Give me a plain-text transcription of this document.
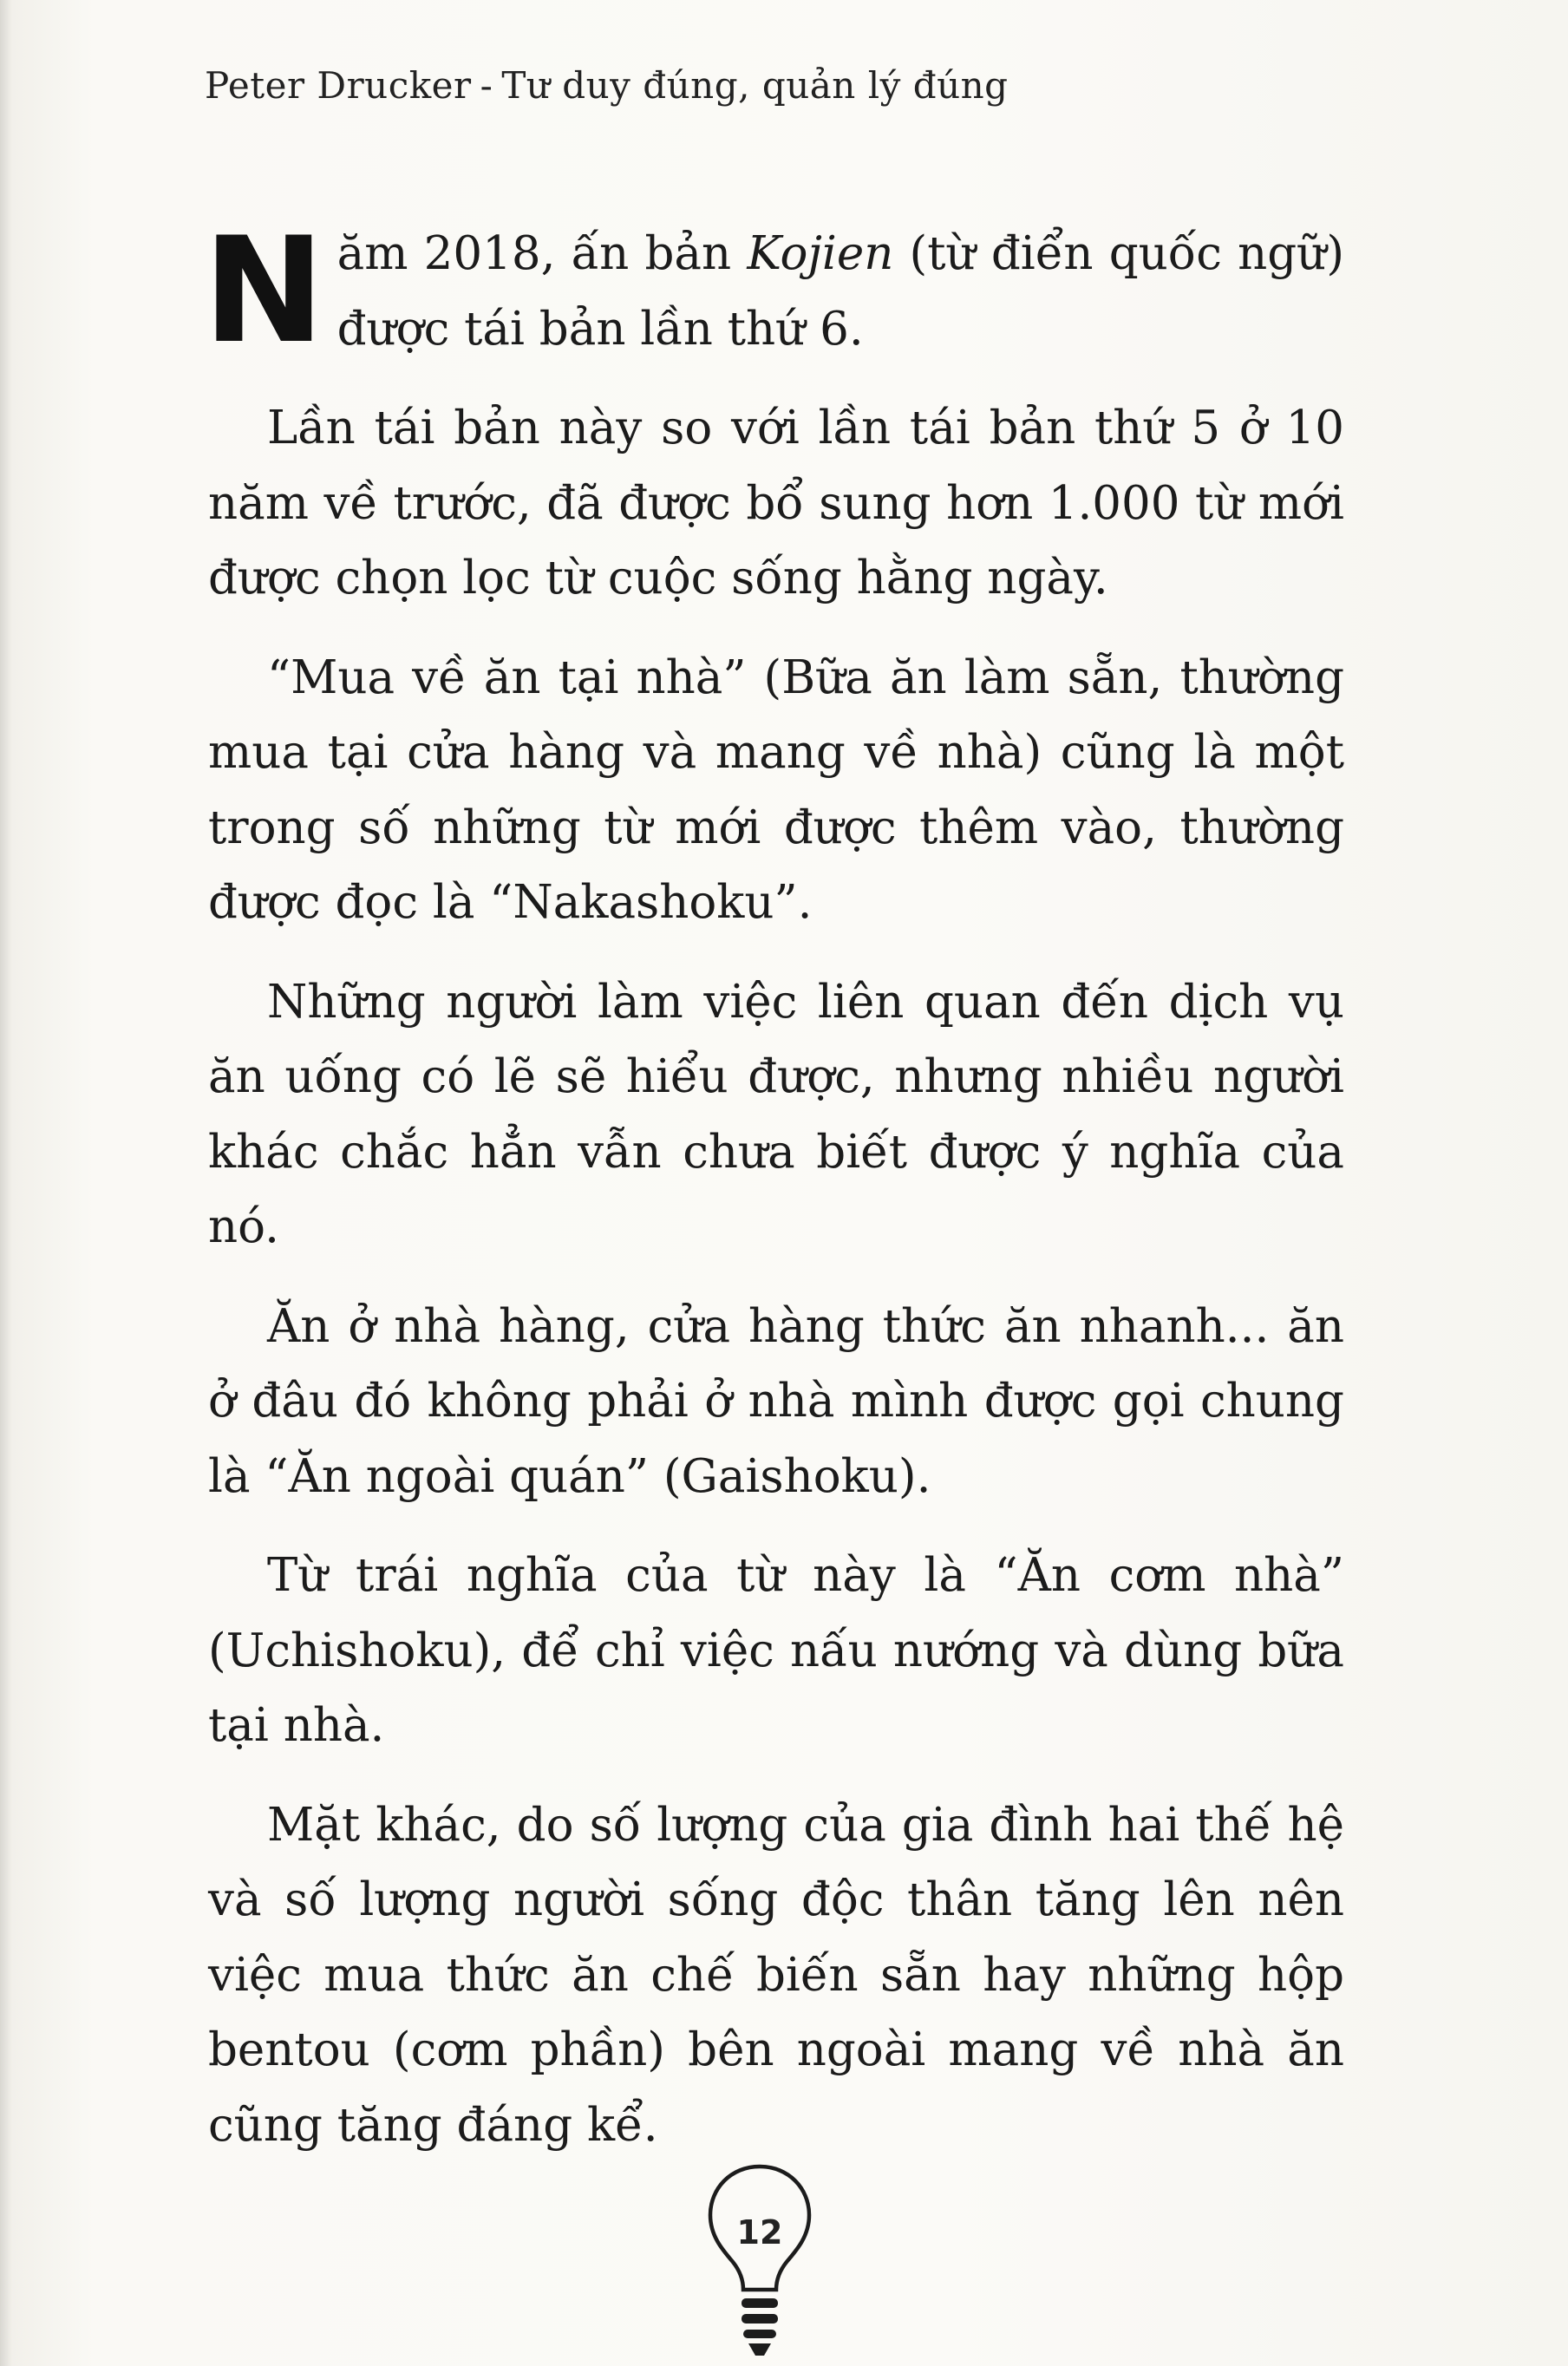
Peter Drucker - Tư duy đúng, quản lý đúng

Năm 2018, ấn bản Kojien (từ điển quốc ngữ) được tái bản lần thứ 6.

Lần tái bản này so với lần tái bản thứ 5 ở 10 năm về trước, đã được bổ sung hơn 1.000 từ mới được chọn lọc từ cuộc sống hằng ngày.

“Mua về ăn tại nhà” (Bữa ăn làm sẵn, thường mua tại cửa hàng và mang về nhà) cũng là một trong số những từ mới được thêm vào, thường được đọc là “Nakashoku”.

Những người làm việc liên quan đến dịch vụ ăn uống có lẽ sẽ hiểu được, nhưng nhiều người khác chắc hẳn vẫn chưa biết được ý nghĩa của nó.

Ăn ở nhà hàng, cửa hàng thức ăn nhanh... ăn ở đâu đó không phải ở nhà mình được gọi chung là “Ăn ngoài quán” (Gaishoku).

Từ trái nghĩa của từ này là “Ăn cơm nhà” (Uchishoku), để chỉ việc nấu nướng và dùng bữa tại nhà.

Mặt khác, do số lượng của gia đình hai thế hệ và số lượng người sống độc thân tăng lên nên việc mua thức ăn chế biến sẵn hay những hộp bentou (cơm phần) bên ngoài mang về nhà ăn cũng tăng đáng kể.

12
